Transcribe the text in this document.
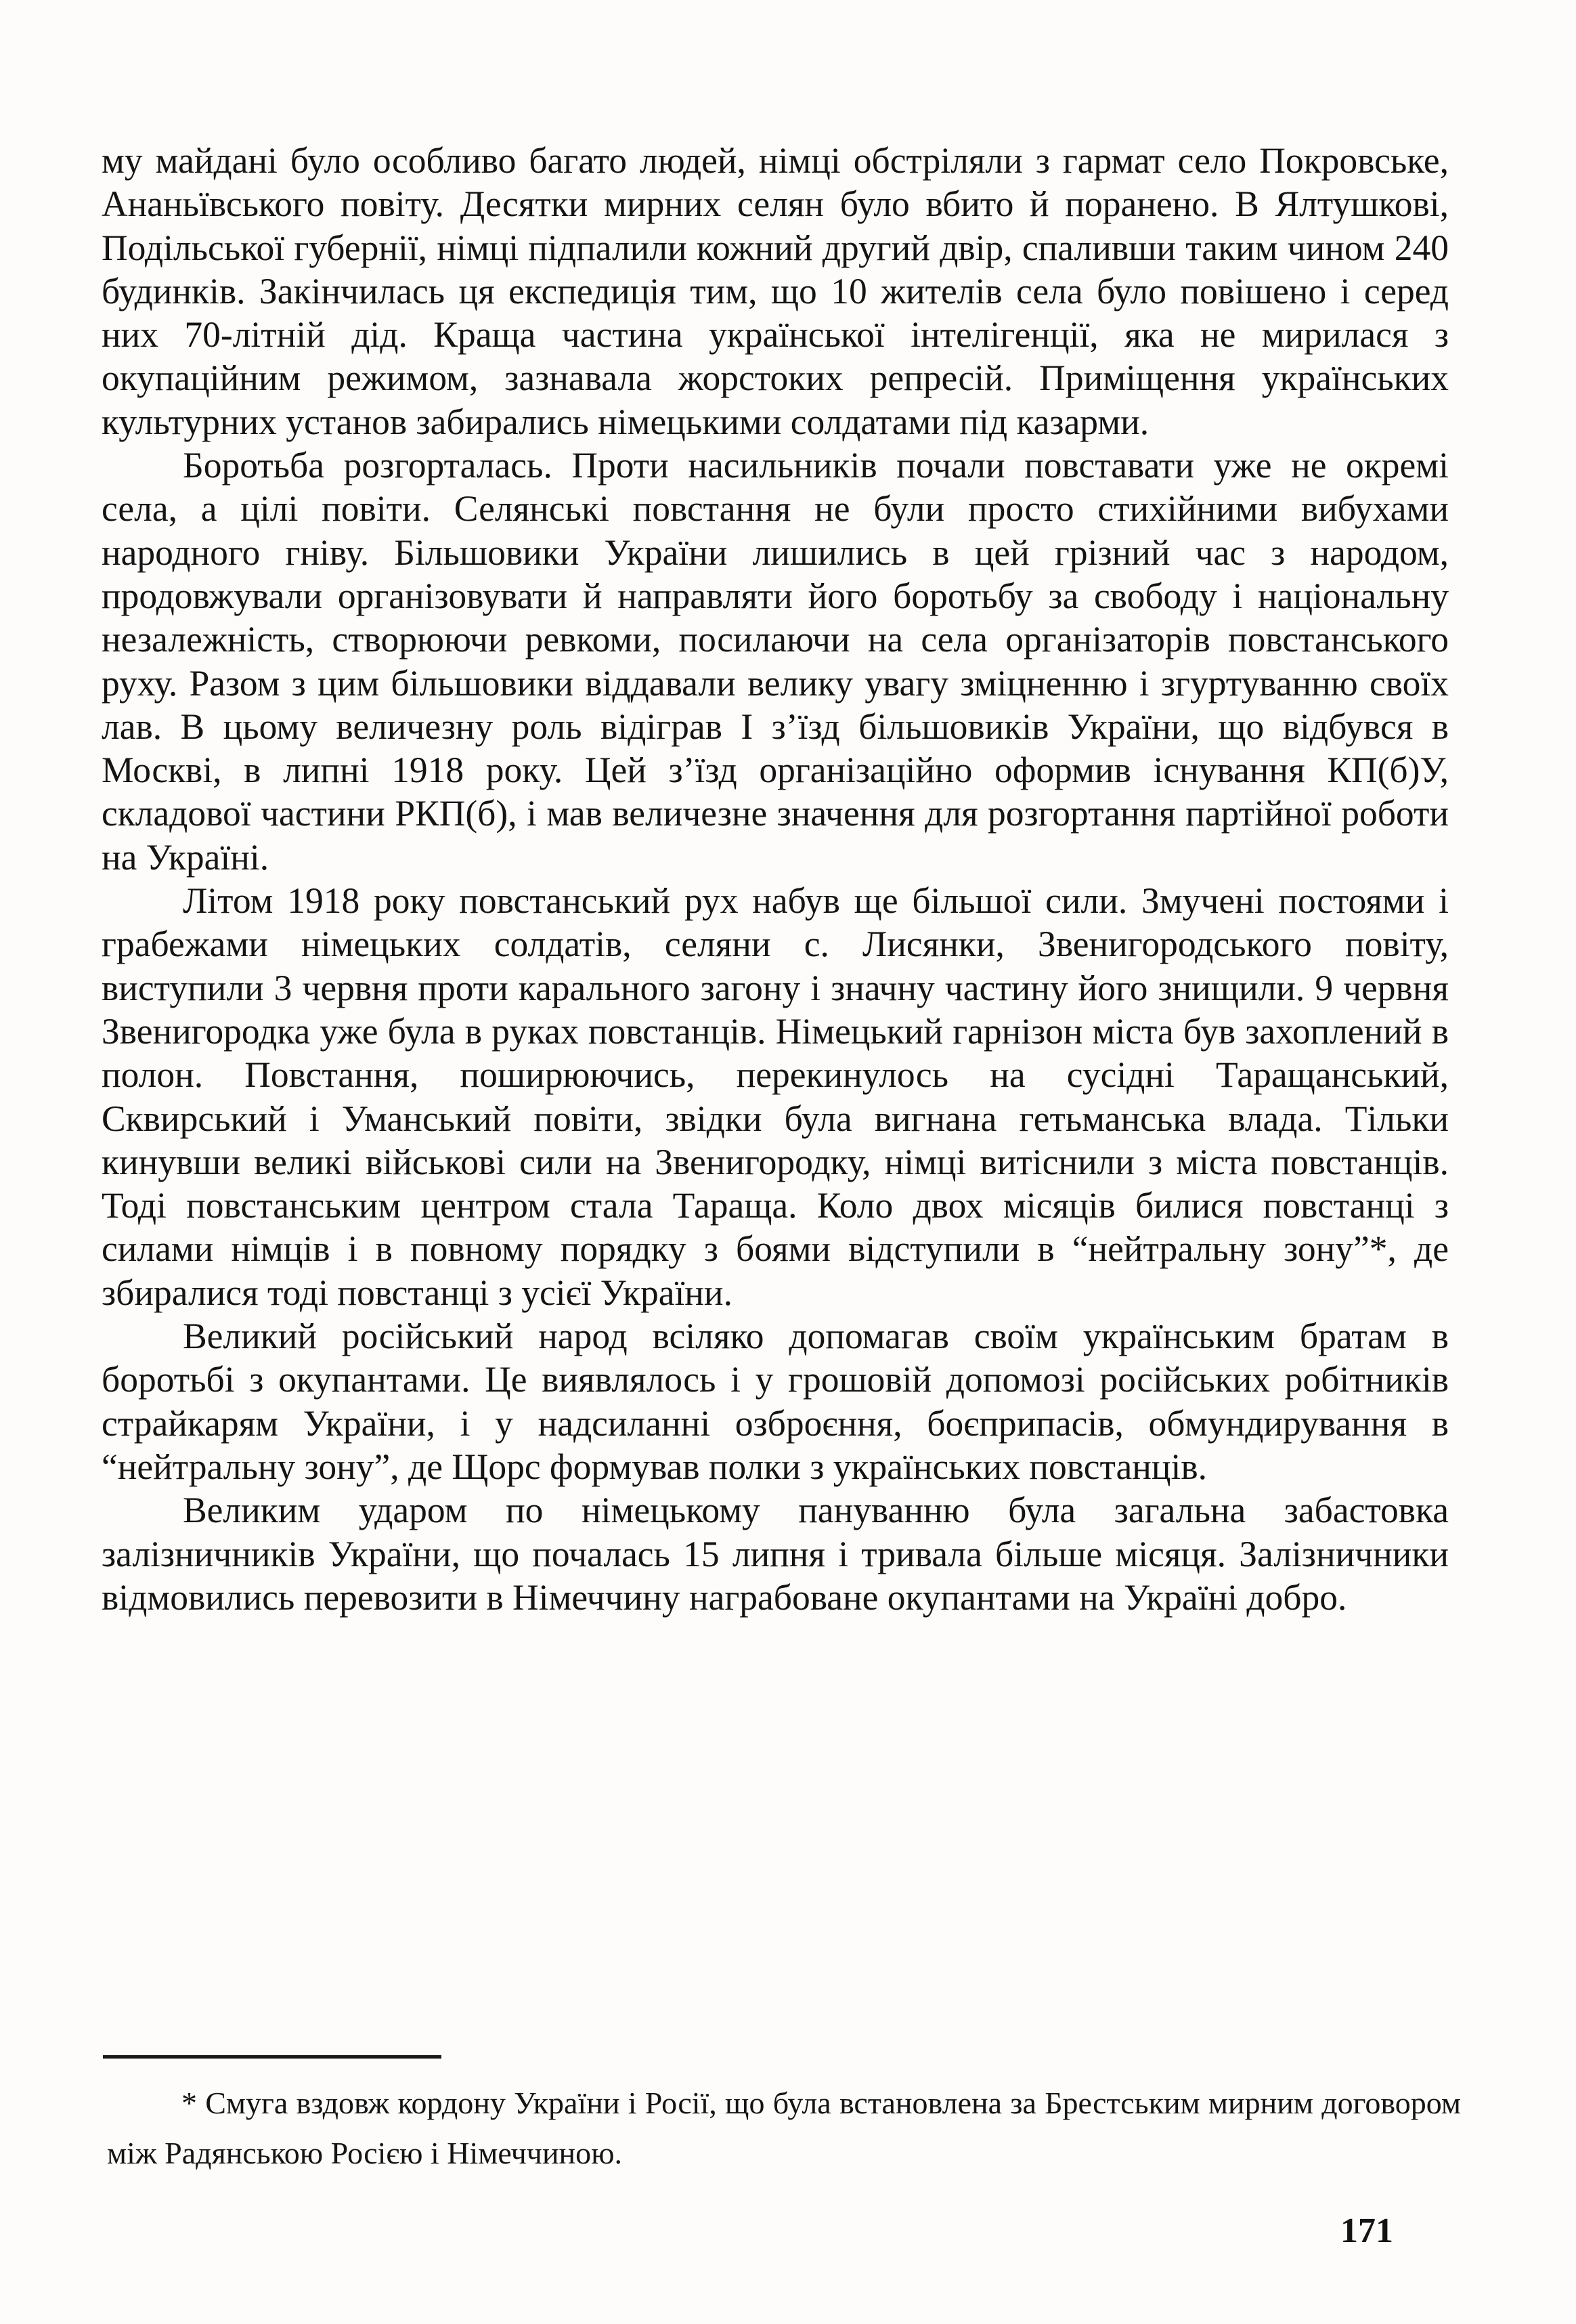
му майдані було особливо багато людей, німці обстріляли з гармат село Покровське, Ананьївського повіту. Десятки мирних селян було вбито й поранено. В Ялтушкові, Подільської губернії, німці підпалили кожний другий двір, спаливши таким чином 240 будинків. Закінчилась ця експедиція тим, що 10 жителів села було повішено і серед них 70-літній дід. Краща частина української інтелігенції, яка не мирилася з окупаційним режимом, зазнавала жорстоких репресій. Приміщення українських культурних установ забирались німецькими солдатами під казарми.

Боротьба розгорталась. Проти насильників почали повставати уже не окремі села, а цілі повіти. Селянські повстання не були просто стихійними вибухами народного гніву. Більшовики України лишились в цей грізний час з народом, продовжували організовувати й направляти його боротьбу за свободу і національну незалежність, створюючи ревкоми, посилаючи на села організаторів повстанського руху. Разом з цим більшовики віддавали велику увагу зміцненню і згуртуванню своїх лав. В цьому величезну роль відіграв I з’їзд більшовиків України, що відбувся в Москві, в липні 1918 року. Цей з’їзд організаційно оформив існування КП(б)У, складової частини РКП(б), і мав величезне значення для розгортання партійної роботи на Україні.

Літом 1918 року повстанський рух набув ще більшої сили. Змучені постоями і грабежами німецьких солдатів, селяни с. Лисянки, Звенигородського повіту, виступили 3 червня проти карального загону і значну частину його знищили. 9 червня Звенигородка уже була в руках повстанців. Німецький гарнізон міста був захоплений в полон. Повстання, поширюючись, перекинулось на сусідні Таращанський, Сквирський і Уманський повіти, звідки була вигнана гетьманська влада. Тільки кинувши великі військові сили на Звенигородку, німці витіснили з міста повстанців. Тоді повстанським центром стала Тараща. Коло двох місяців билися повстанці з силами німців і в повному порядку з боями відступили в “нейтральну зону”*, де збиралися тоді повстанці з усієї України.

Великий російський народ всіляко допомагав своїм українським братам в боротьбі з окупантами. Це виявлялось і у грошовій допомозі російських робітників страйкарям України, і у надсиланні озброєння, боєприпасів, обмундирування в “нейтральну зону”, де Щорс формував полки з українських повстанців.

Великим ударом по німецькому пануванню була загальна забастовка залізничників України, що почалась 15 липня і тривала більше місяця. Залізничники відмовились перевозити в Німеччину награбоване окупантами на Україні добро.

* Смуга вздовж кордону України і Росії, що була встановлена за Брестським мирним договором між Радянською Росією і Німеччиною.
171
